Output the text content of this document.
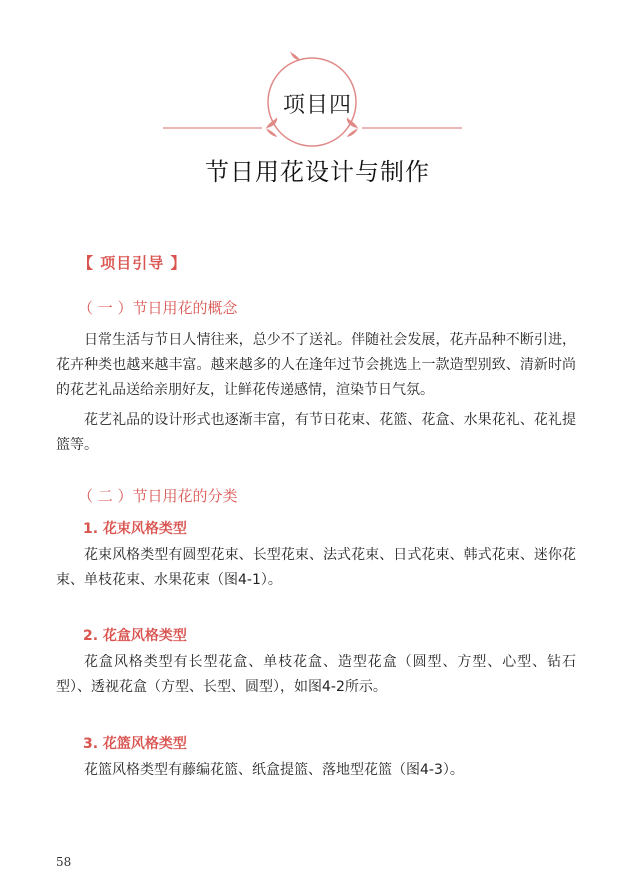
项目四
节日用花设计与制作
【 项目引导 】
（ 一 ）节日用花的概念

日常生活与节日人情往来，总少不了送礼。伴随社会发展，花卉品种不断引进，花卉种类也越来越丰富。越来越多的人在逢年过节会挑选上一款造型别致、清新时尚的花艺礼品送给亲朋好友，让鲜花传递感情，渲染节日气氛。

花艺礼品的设计形式也逐渐丰富，有节日花束、花篮、花盒、水果花礼、花礼提篮等。

（ 二 ）节日用花的分类
1. 花束风格类型

花束风格类型有圆型花束、长型花束、法式花束、日式花束、韩式花束、迷你花束、单枝花束、水果花束（图4-1）。

2. 花盒风格类型

花盒风格类型有长型花盒、单枝花盒、造型花盒（圆型、方型、心型、钻石型）、透视花盒（方型、长型、圆型），如图4-2所示。

3. 花篮风格类型

花篮风格类型有藤编花篮、纸盒提篮、落地型花篮（图4-3）。

58
